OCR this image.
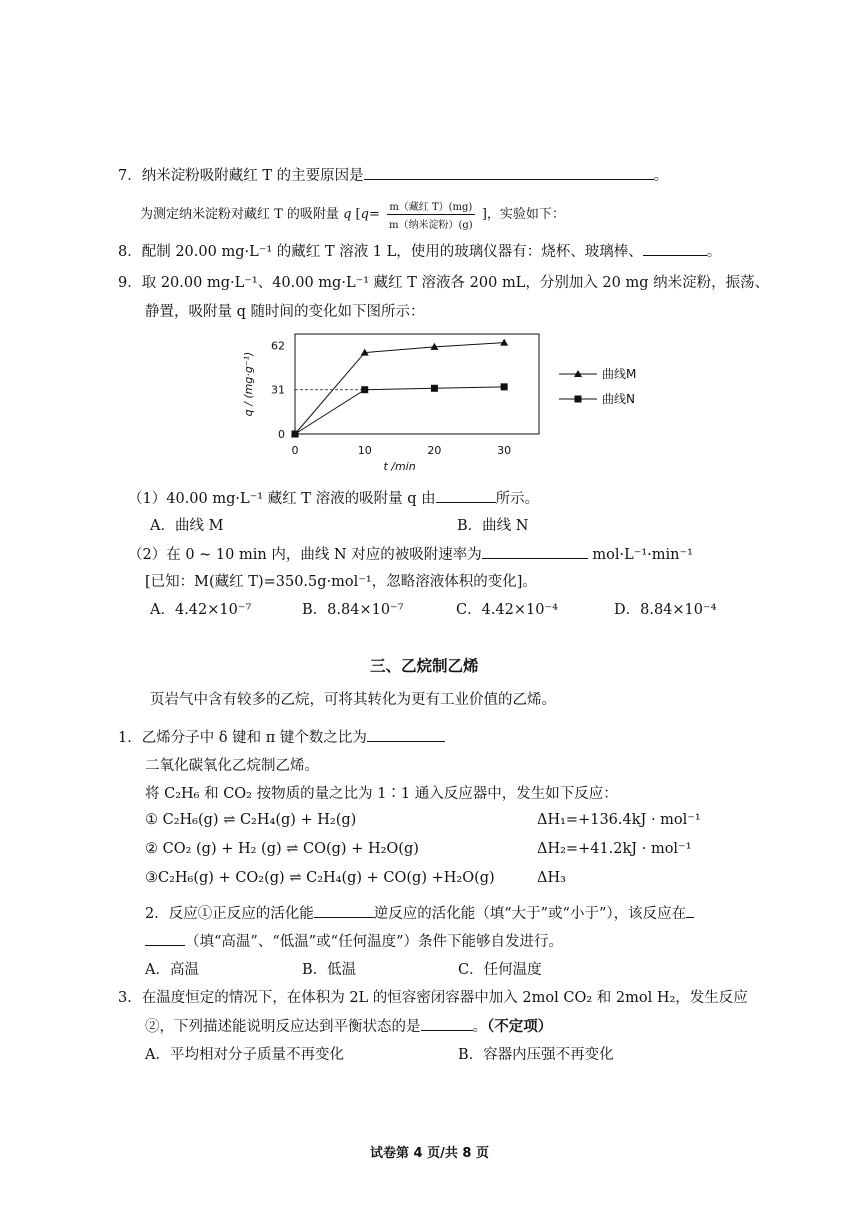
7．纳米淀粉吸附藏红 T 的主要原因是	。
为测定纳米淀粉对藏红 T 的吸附量 q [$q= \frac{\text{m（藏红 T）(mg)}}{\text{m（纳米淀粉）(g)}}$ ]，实验如下：
8．配制 20.00 mg·L⁻¹ 的藏红 T 溶液 1 L，使用的玻璃仪器有：烧杯、玻璃棒、	。
9．取 20.00 mg·L⁻¹、40.00 mg·L⁻¹ 藏红 T 溶液各 200 mL，分别加入 20 mg 纳米淀粉，振荡、
静置，吸附量 q 随时间的变化如下图所示：
0
31
62
0	10	20	30
t /min
q / (mg·g⁻¹)	曲线M
曲线N
（1）40.00 mg·L⁻¹ 藏红 T 溶液的吸附量 q 由	所示。
A．曲线 M	B．曲线 N
（2）在 0 ~ 10 min 内，曲线 N 对应的被吸附速率为	mol·L⁻¹·min⁻¹
[已知：M(藏红 T)=350.5g·mol⁻¹，忽略溶液体积的变化]。
A．4.42×10⁻⁷	B．8.84×10⁻⁷	C．4.42×10⁻⁴	D．8.84×10⁻⁴
三、乙烷制乙烯
页岩气中含有较多的乙烷，可将其转化为更有工业价值的乙烯。
1．乙烯分子中 δ 键和 π 键个数之比为
二氧化碳氧化乙烷制乙烯。
将 C₂H₆ 和 CO₂ 按物质的量之比为 1∶1 通入反应器中，发生如下反应：
① C₂H₆(g) ⇌ C₂H₄(g) + H₂(g)	ΔH₁=+136.4kJ · mol⁻¹
② CO₂ (g) + H₂ (g) ⇌ CO(g) + H₂O(g)	ΔH₂=+41.2kJ · mol⁻¹
③C₂H₆(g) + CO₂(g) ⇌ C₂H₄(g) + CO(g) +H₂O(g)	ΔH₃
2．反应①正反应的活化能	逆反应的活化能（填“大于”或“小于”），该反应在
（填“高温”、“低温”或“任何温度”）条件下能够自发进行。
A．高温	B．低温	C．任何温度
3．在温度恒定的情况下，在体积为 2L 的恒容密闭容器中加入 2mol CO₂ 和 2mol H₂，发生反应
②，下列描述能说明反应达到平衡状态的是	。（不定项）
A．平均相对分子质量不再变化	B．容器内压强不再变化
试卷第 4 页/共 8 页
